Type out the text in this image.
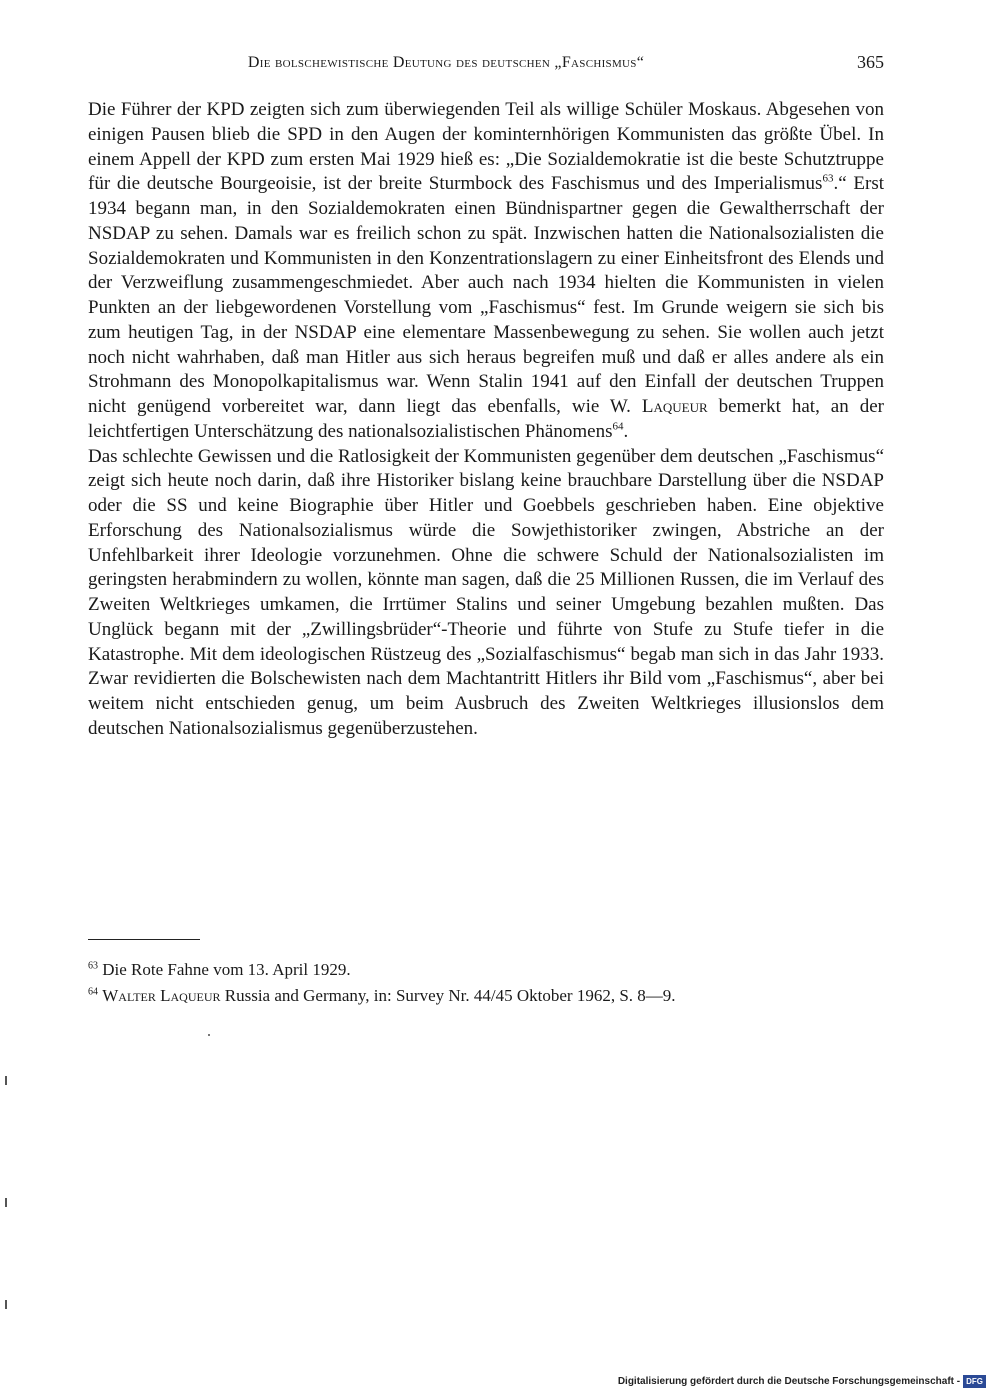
Die bolschewistische Deutung des deutschen „Faschismus“	365

Die Führer der KPD zeigten sich zum überwiegenden Teil als willige Schüler Moskaus. Abgesehen von einigen Pausen blieb die SPD in den Augen der kominternhörigen Kommunisten das größte Übel. In einem Appell der KPD zum ersten Mai 1929 hieß es: „Die Sozialdemokratie ist die beste Schutztruppe für die deutsche Bourgeoisie, ist der breite Sturmbock des Faschismus und des Imperialismus$^{63}$.“ Erst 1934 begann man, in den Sozialdemokraten einen Bündnispartner gegen die Gewaltherrschaft der NSDAP zu sehen. Damals war es freilich schon zu spät. Inzwischen hatten die Nationalsozialisten die Sozialdemokraten und Kommunisten in den Konzentrationslagern zu einer Einheitsfront des Elends und der Verzweiflung zusammengeschmiedet. Aber auch nach 1934 hielten die Kommunisten in vielen Punkten an der liebgewordenen Vorstellung vom „Faschismus“ fest. Im Grunde weigern sie sich bis zum heutigen Tag, in der NSDAP eine elementare Massenbewegung zu sehen. Sie wollen auch jetzt noch nicht wahrhaben, daß man Hitler aus sich heraus begreifen muß und daß er alles andere als ein Strohmann des Monopolkapitalismus war. Wenn Stalin 1941 auf den Einfall der deutschen Truppen nicht genügend vorbereitet war, dann liegt das ebenfalls, wie W. Laqueur bemerkt hat, an der leichtfertigen Unterschätzung des nationalsozialistischen Phänomens$^{64}$.

Das schlechte Gewissen und die Ratlosigkeit der Kommunisten gegenüber dem deutschen „Faschismus“ zeigt sich heute noch darin, daß ihre Historiker bislang keine brauchbare Darstellung über die NSDAP oder die SS und keine Biographie über Hitler und Goebbels geschrieben haben. Eine objektive Erforschung des Nationalsozialismus würde die Sowjethistoriker zwingen, Abstriche an der Unfehlbarkeit ihrer Ideologie vorzunehmen. Ohne die schwere Schuld der Nationalsozialisten im geringsten herabmindern zu wollen, könnte man sagen, daß die 25 Millionen Russen, die im Verlauf des Zweiten Weltkrieges umkamen, die Irrtümer Stalins und seiner Umgebung bezahlen mußten. Das Unglück begann mit der „Zwillingsbrüder“-Theorie und führte von Stufe zu Stufe tiefer in die Katastrophe. Mit dem ideologischen Rüstzeug des „Sozialfaschismus“ begab man sich in das Jahr 1933. Zwar revidierten die Bolschewisten nach dem Machtantritt Hitlers ihr Bild vom „Faschismus“, aber bei weitem nicht entschieden genug, um beim Ausbruch des Zweiten Weltkrieges illusionslos dem deutschen Nationalsozialismus gegenüberzustehen.

$^{63}$ Die Rote Fahne vom 13. April 1929.

$^{64}$ Walter Laqueur Russia and Germany, in: Survey Nr. 44/45 Oktober 1962, S. 8—9.

Digitalisierung gefördert durch die Deutsche Forschungsgemeinschaft - DFG
